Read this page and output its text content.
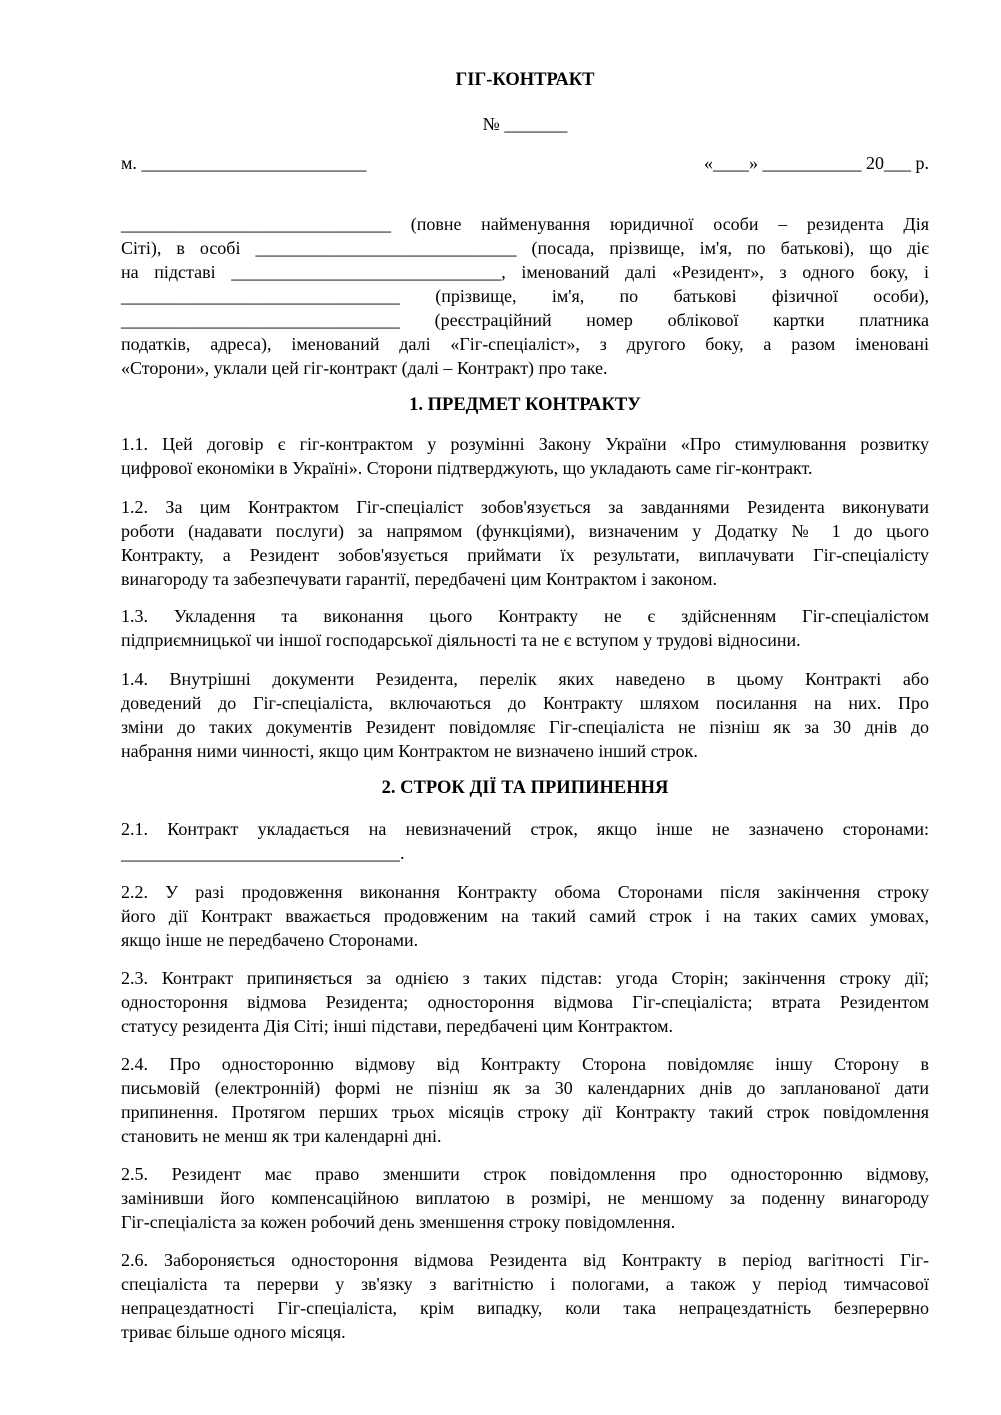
ГІГ-КОНТРАКТ
№ _______
м. _________________________	«____» ___________ 20___ р.
______________________________ (повне найменування юридичної особи – резидента Дія
Сіті), в особі _____________________________ (посада, прізвище, ім'я, по батькові), що діє
на підставі ______________________________, іменований далі «Резидент», з одного боку, і
_______________________________ (прізвище, ім'я, по батькові фізичної особи),
_______________________________ (реєстраційний номер облікової картки платника
податків, адреса), іменований далі «Гіг-спеціаліст», з другого боку, а разом іменовані
«Сторони», уклали цей гіг-контракт (далі – Контракт) про таке.
1. ПРЕДМЕТ КОНТРАКТУ
1.1. Цей договір є гіг-контрактом у розумінні Закону України «Про стимулювання розвитку
цифрової економіки в Україні». Сторони підтверджують, що укладають саме гіг-контракт.
1.2. За цим Контрактом Гіг-спеціаліст зобов'язується за завданнями Резидента виконувати
роботи (надавати послуги) за напрямом (функціями), визначеним у Додатку № 1 до цього
Контракту, а Резидент зобов'язується приймати їх результати, виплачувати Гіг-спеціалісту
винагороду та забезпечувати гарантії, передбачені цим Контрактом і законом.
1.3. Укладення та виконання цього Контракту не є здійсненням Гіг-спеціалістом
підприємницької чи іншої господарської діяльності та не є вступом у трудові відносини.
1.4. Внутрішні документи Резидента, перелік яких наведено в цьому Контракті або
доведений до Гіг-спеціаліста, включаються до Контракту шляхом посилання на них. Про
зміни до таких документів Резидент повідомляє Гіг-спеціаліста не пізніш як за 30 днів до
набрання ними чинності, якщо цим Контрактом не визначено інший строк.
2. СТРОК ДІЇ ТА ПРИПИНЕННЯ
2.1. Контракт укладається на невизначений строк, якщо інше не зазначено сторонами:
_______________________________.
2.2. У разі продовження виконання Контракту обома Сторонами після закінчення строку
його дії Контракт вважається продовженим на такий самий строк і на таких самих умовах,
якщо інше не передбачено Сторонами.
2.3. Контракт припиняється за однією з таких підстав: угода Сторін; закінчення строку дії;
одностороння відмова Резидента; одностороння відмова Гіг-спеціаліста; втрата Резидентом
статусу резидента Дія Сіті; інші підстави, передбачені цим Контрактом.
2.4. Про односторонню відмову від Контракту Сторона повідомляє іншу Сторону в
письмовій (електронній) формі не пізніш як за 30 календарних днів до запланованої дати
припинення. Протягом перших трьох місяців строку дії Контракту такий строк повідомлення
становить не менш як три календарні дні.
2.5. Резидент має право зменшити строк повідомлення про односторонню відмову,
замінивши його компенсаційною виплатою в розмірі, не меншому за поденну винагороду
Гіг-спеціаліста за кожен робочий день зменшення строку повідомлення.
2.6. Забороняється одностороння відмова Резидента від Контракту в період вагітності Гіг-
спеціаліста та перерви у зв'язку з вагітністю і пологами, а також у період тимчасової
непрацездатності Гіг-спеціаліста, крім випадку, коли така непрацездатність безперервно
триває більше одного місяця.
